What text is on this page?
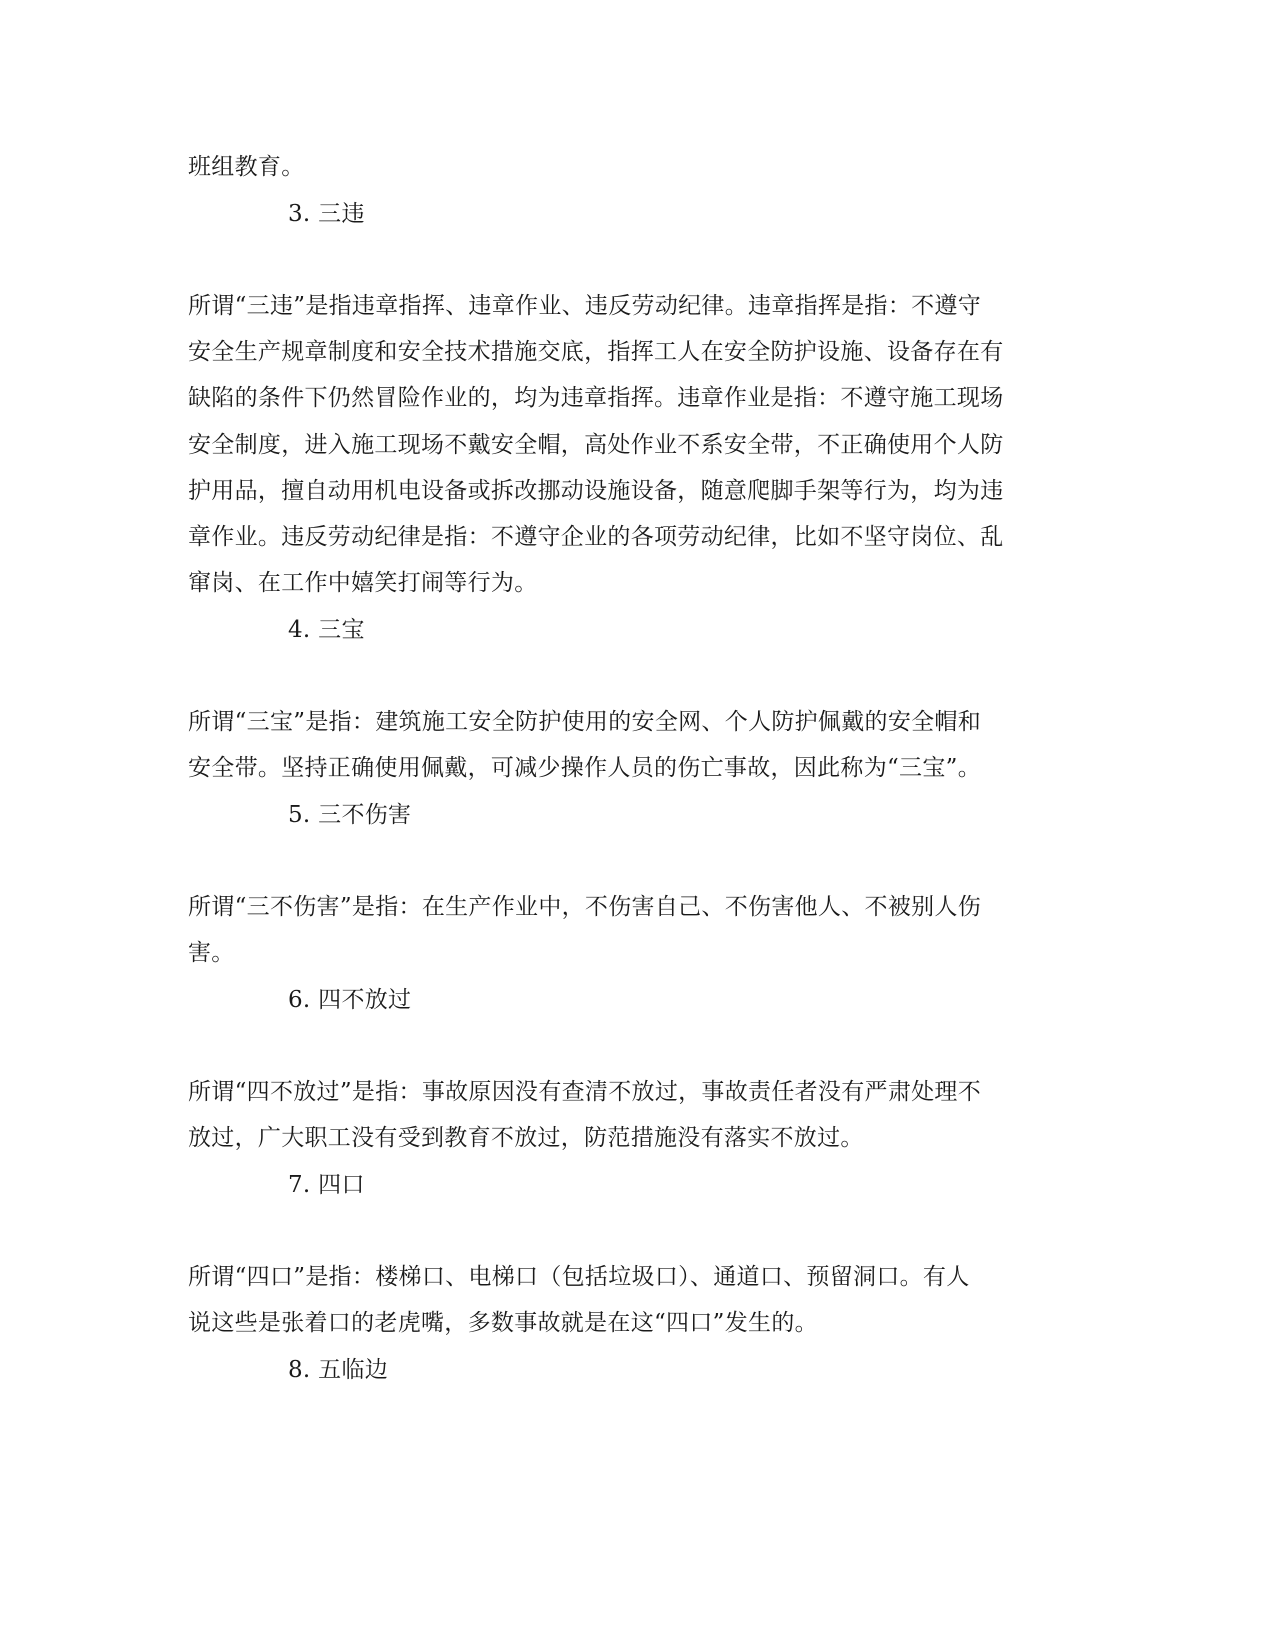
班组教育。
3. 三违
所谓“三违”是指违章指挥、违章作业、违反劳动纪律。违章指挥是指：不遵守
安全生产规章制度和安全技术措施交底，指挥工人在安全防护设施、设备存在有
缺陷的条件下仍然冒险作业的，均为违章指挥。违章作业是指：不遵守施工现场
安全制度，进入施工现场不戴安全帽，高处作业不系安全带，不正确使用个人防
护用品，擅自动用机电设备或拆改挪动设施设备，随意爬脚手架等行为，均为违
章作业。违反劳动纪律是指：不遵守企业的各项劳动纪律，比如不坚守岗位、乱
窜岗、在工作中嬉笑打闹等行为。
4. 三宝
所谓“三宝”是指：建筑施工安全防护使用的安全网、个人防护佩戴的安全帽和
安全带。坚持正确使用佩戴，可减少操作人员的伤亡事故，因此称为“三宝”。
5. 三不伤害
所谓“三不伤害”是指：在生产作业中，不伤害自己、不伤害他人、不被别人伤
害。
6. 四不放过
所谓“四不放过”是指：事故原因没有查清不放过，事故责任者没有严肃处理不
放过，广大职工没有受到教育不放过，防范措施没有落实不放过。
7. 四口
所谓“四口”是指：楼梯口、电梯口（包括垃圾口）、通道口、预留洞口。有人
说这些是张着口的老虎嘴，多数事故就是在这“四口”发生的。
8. 五临边
